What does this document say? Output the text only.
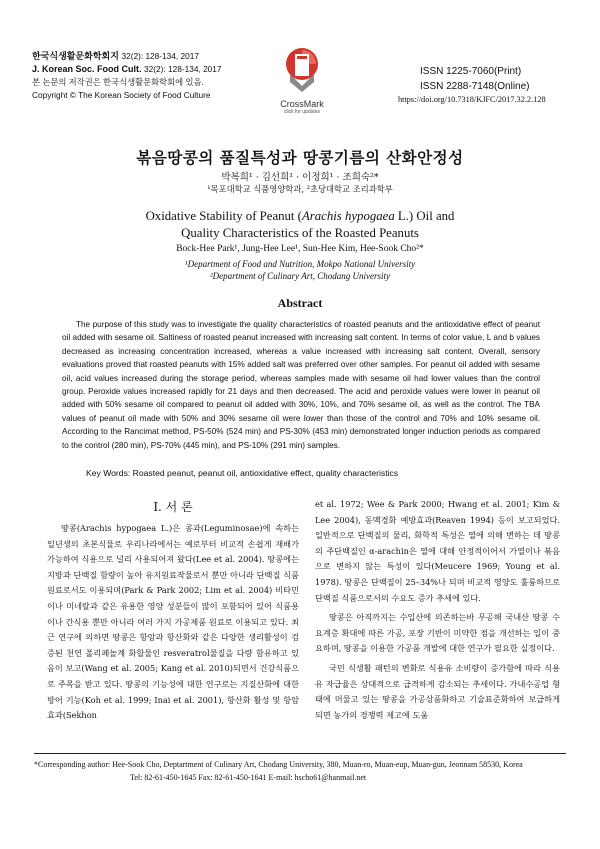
한국식생활문화학회지 32(2): 128-134, 2017
J. Korean Soc. Food Cult. 32(2): 128-134, 2017
본 논문의 저작권은 한국식생활문화학회에 있음.
Copyright © The Korean Society of Food Culture
CrossMark
click for updates
ISSN 1225-7060(Print)
ISSN 2288-7148(Online)
https://doi.org/10.7318/KJFC/2017.32.2.128
볶음땅콩의 품질특성과 땅콩기름의 산화안정성
박복희¹ · 김선희¹ · 이정희¹ · 조희숙²*
¹목포대학교 식품영양학과, ²초당대학교 조리과학부
Oxidative Stability of Peanut (Arachis hypogaea L.) Oil and
Quality Characteristics of the Roasted Peanuts
Bock-Hee Park¹, Jung-Hee Lee¹, Sun-Hee Kim, Hee-Sook Cho²*
¹Department of Food and Nutrition, Mokpo National University
²Department of Culinary Art, Chodang University
Abstract
The purpose of this study was to investigate the quality characteristics of roasted peanuts and the antioxidative effect of peanut oil added with sesame oil. Saltiness of roasted peanut increased with increasing salt content. In terms of color value, L and b values decreased as increasing concentration increased, whereas a value increased with increasing salt content. Overall, sensory evaluations proved that roasted peanuts with 15% added salt was preferred over other samples. For peanut oil added with sesame oil, acid values increased during the storage period, whereas samples made with sesame oil had lower values than the control group. Peroxide values increased rapidly for 21 days and then decreased. The acid and peroxide values were lower in peanut oil added with 50% sesame oil compared to peanut oil added with 30%, 10%, and 70% sesame oil, as well as the control. The TBA values of peanut oil made with 50% and 30% sesame oil were lower than those of the control and 70% and 10% sesame oil. According to the Rancimat method, PS-50% (524 min) and PS-30% (453 min) demonstrated longer induction periods as compared to the control (280 min), PS-70% (445 min), and PS-10% (291 min) samples.
Key Words: Roasted peanut, peanut oil, antioxidative effect, quality characteristics
I. 서 론

땅콩(Arachis hypogaea L.)은 콩과(Leguminosae)에 속하는 일년생의 초본식물로 우리나라에서는 예로부터 비교적 손쉽게 재배가 가능하여 식용으로 널리 사용되어져 왔다(Lee et al. 2004). 땅콩에는 지방과 단백질 함량이 높아 유지원료작물로서 뿐만 아니라 단백질 식품원료로서도 이용되며(Park & Park 2002; Lim et al. 2004) 비타민이나 미네랄과 같은 유용한 영양 성분들이 많이 포함되어 있어 식품용이나 간식용 뿐만 아니라 여러 가지 가공제품 원료로 이용되고 있다. 최근 연구에 의하면 땅콩은 항암과 항산화와 같은 다양한 생리활성이 검증된 천연 폴리페놀계 화합물인 resveratrol물질을 다량 함유하고 있음이 보고(Wang et al. 2005; Kang et al. 2010)되면서 건강식품으로 주목을 받고 있다. 땅콩의 기능성에 대한 연구로는 지질산화에 대한 방어 기능(Koh et al. 1999; Inai et al. 2001), 항산화 활성 및 항암효과(Sekhon

et al. 1972; Wee & Park 2000; Hwang et al. 2001; Kim & Lee 2004), 동맥경화 예방효과(Reaven 1994) 등이 보고되었다. 일반적으로 단백질의 물리, 화학적 특성은 열에 의해 변하는 데 땅콩의 주단백질인 α-arachin은 열에 대해 안정적이어서 가열이나 볶음으로 변하지 않는 특성이 있다(Meucere 1969; Young et al. 1978). 땅콩은 단백질이 25–34%나 되며 비교적 영양도 훌륭하므로 단백질 식품으로서의 수요도 증가 추세에 있다.

땅콩은 아직까지는 수입산에 의존하는바 무공해 국내산 땅콩 수요계층 확대에 따른 가공, 포장 기반이 미약한 점을 개선하는 일이 중요하며, 땅콩을 이용한 가공품 개발에 대한 연구가 필요한 실정이다.

국민 식생활 패턴의 변화로 식용유 소비량이 증가함에 따라 식용유 자급율은 상대적으로 급격하게 감소되는 추세이다. 가내수공업 형태에 머물고 있는 땅콩을 가공상품화하고 기술표준화하여 보급하게 되면 농가의 경쟁력 제고에 도움

*Corresponding author: Hee-Sook Cho, Deptartment of Culinary Art, Chodang University, 380, Muan-ro, Muan-eup, Muan-gun, Jeonnam 58530, Korea
Tel: 82-61-450-1645 Fax: 82-61-450-1641 E-mail: hscho61@hanmail.net
